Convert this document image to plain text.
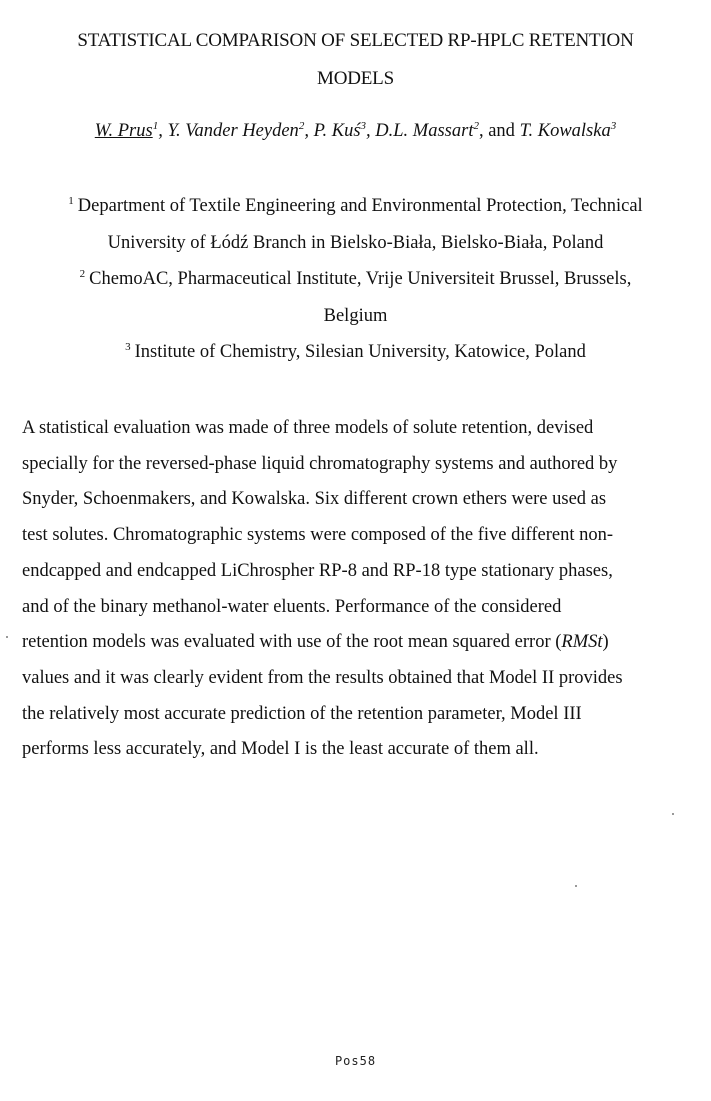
STATISTICAL COMPARISON OF SELECTED RP-HPLC RETENTION
MODELS
W. Prus$^1$, Y. Vander Heyden$^2$, P. Kuś$^3$, D.L. Massart$^2$, and T. Kowalska$^3$
$^1$ Department of Textile Engineering and Environmental Protection, Technical
University of Łódź Branch in Bielsko-Biała, Bielsko-Biała, Poland
$^2$ ChemoAC, Pharmaceutical Institute, Vrije Universiteit Brussel, Brussels,
Belgium
$^3$ Institute of Chemistry, Silesian University, Katowice, Poland
A statistical evaluation was made of three models of solute retention, devised
specially for the reversed-phase liquid chromatography systems and authored by
Snyder, Schoenmakers, and Kowalska. Six different crown ethers were used as
test solutes. Chromatographic systems were composed of the five different non-
endcapped and endcapped LiChrospher RP-8 and RP-18 type stationary phases,
and of the binary methanol-water eluents. Performance of the considered
retention models was evaluated with use of the root mean squared error (RMSt)
values and it was clearly evident from the results obtained that Model II provides
the relatively most accurate prediction of the retention parameter, Model III
performs less accurately, and Model I is the least accurate of them all.
Pos58
